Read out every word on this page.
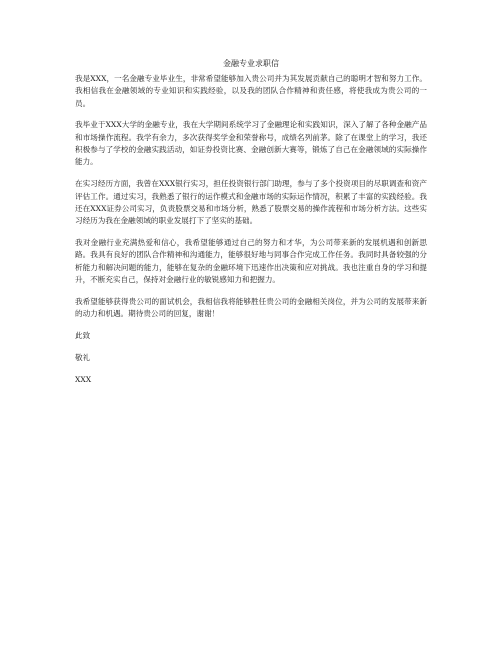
金融专业求职信

我是XXX，一名金融专业毕业生，非常希望能够加入贵公司并为其发展贡献自己的聪明才智和努力工作。我相信我在金融领域的专业知识和实践经验，以及我的团队合作精神和责任感，将使我成为贵公司的一员。

我毕业于XXX大学的金融专业，我在大学期间系统学习了金融理论和实践知识，深入了解了各种金融产品和市场操作流程。我学有余力，多次获得奖学金和荣誉称号，成绩名列前茅。除了在课堂上的学习，我还积极参与了学校的金融实践活动，如证券投资比赛、金融创新大赛等，锻炼了自己在金融领域的实际操作能力。

在实习经历方面，我曾在XXX银行实习，担任投资银行部门助理，参与了多个投资项目的尽职调查和资产评估工作。通过实习，我熟悉了银行的运作模式和金融市场的实际运作情况，积累了丰富的实践经验。我还在XXX证券公司实习，负责股票交易和市场分析，熟悉了股票交易的操作流程和市场分析方法。这些实习经历为我在金融领域的职业发展打下了坚实的基础。

我对金融行业充满热爱和信心，我希望能够通过自己的努力和才华，为公司带来新的发展机遇和创新思路。我具有良好的团队合作精神和沟通能力，能够很好地与同事合作完成工作任务。我同时具备较强的分析能力和解决问题的能力，能够在复杂的金融环境下迅速作出决策和应对挑战。我也注重自身的学习和提升，不断充实自己，保持对金融行业的敏锐感知力和把握力。

我希望能够获得贵公司的面试机会，我相信我将能够胜任贵公司的金融相关岗位，并为公司的发展带来新的动力和机遇。期待贵公司的回复，谢谢！

此致

敬礼

XXX
